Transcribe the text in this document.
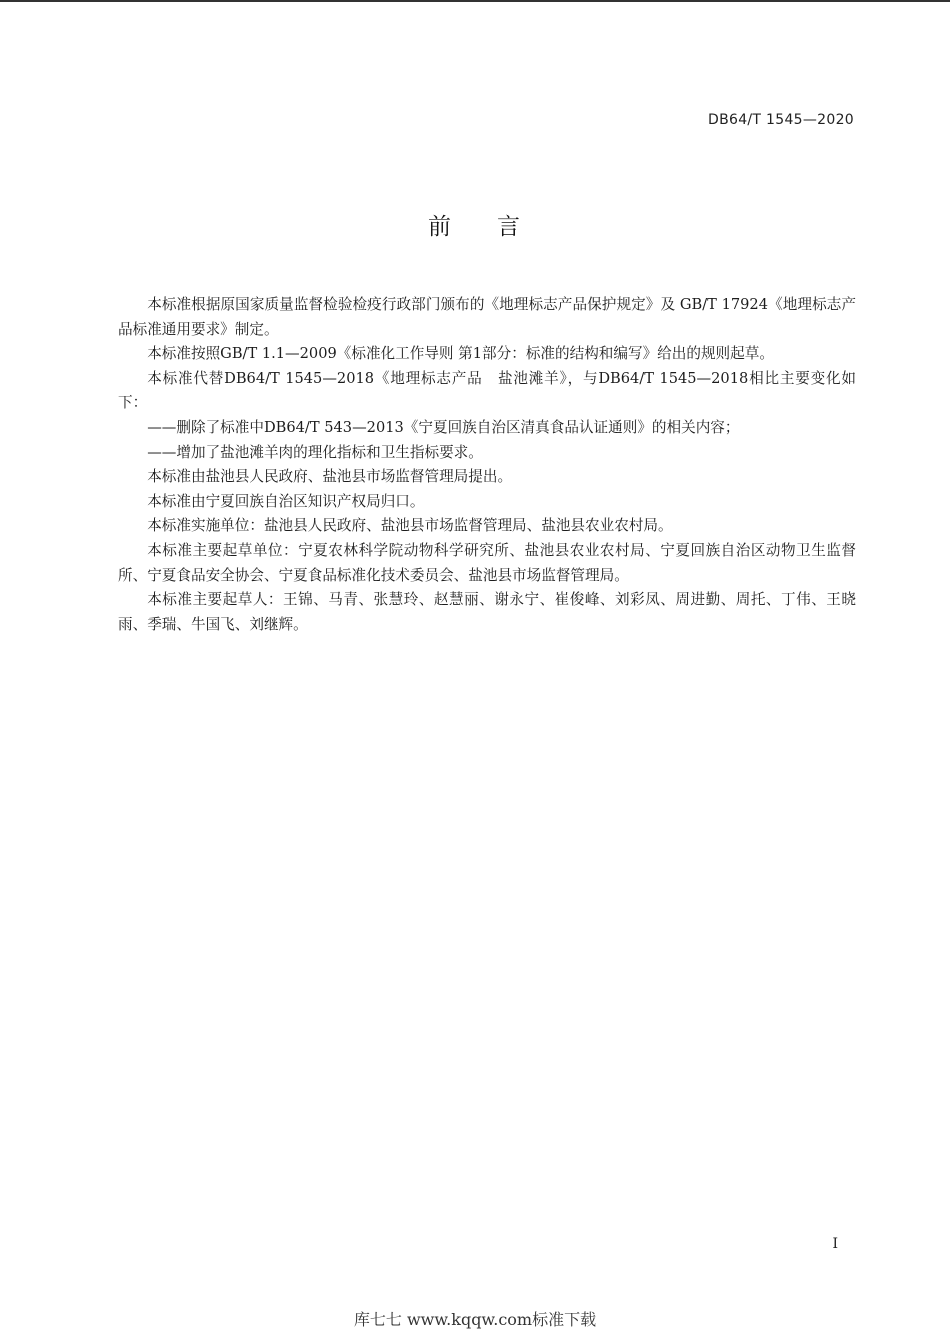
DB64/T 1545—2020
前 言

本标准根据原国家质量监督检验检疫行政部门颁布的《地理标志产品保护规定》及 GB/T 17924《地理标志产品标准通用要求》制定。

本标准按照GB/T 1.1—2009《标准化工作导则 第1部分：标准的结构和编写》给出的规则起草。

本标准代替DB64/T 1545—2018《地理标志产品　盐池滩羊》，与DB64/T 1545—2018相比主要变化如下：

——删除了标准中DB64/T 543—2013《宁夏回族自治区清真食品认证通则》的相关内容；

——增加了盐池滩羊肉的理化指标和卫生指标要求。

本标准由盐池县人民政府、盐池县市场监督管理局提出。

本标准由宁夏回族自治区知识产权局归口。

本标准实施单位：盐池县人民政府、盐池县市场监督管理局、盐池县农业农村局。

本标准主要起草单位：宁夏农林科学院动物科学研究所、盐池县农业农村局、宁夏回族自治区动物卫生监督所、宁夏食品安全协会、宁夏食品标准化技术委员会、盐池县市场监督管理局。

本标准主要起草人：王锦、马青、张慧玲、赵慧丽、谢永宁、崔俊峰、刘彩凤、周进勤、周托、丁伟、王晓雨、季瑞、牛国飞、刘继辉。

I
库七七 www.kqqw.com标准下载
